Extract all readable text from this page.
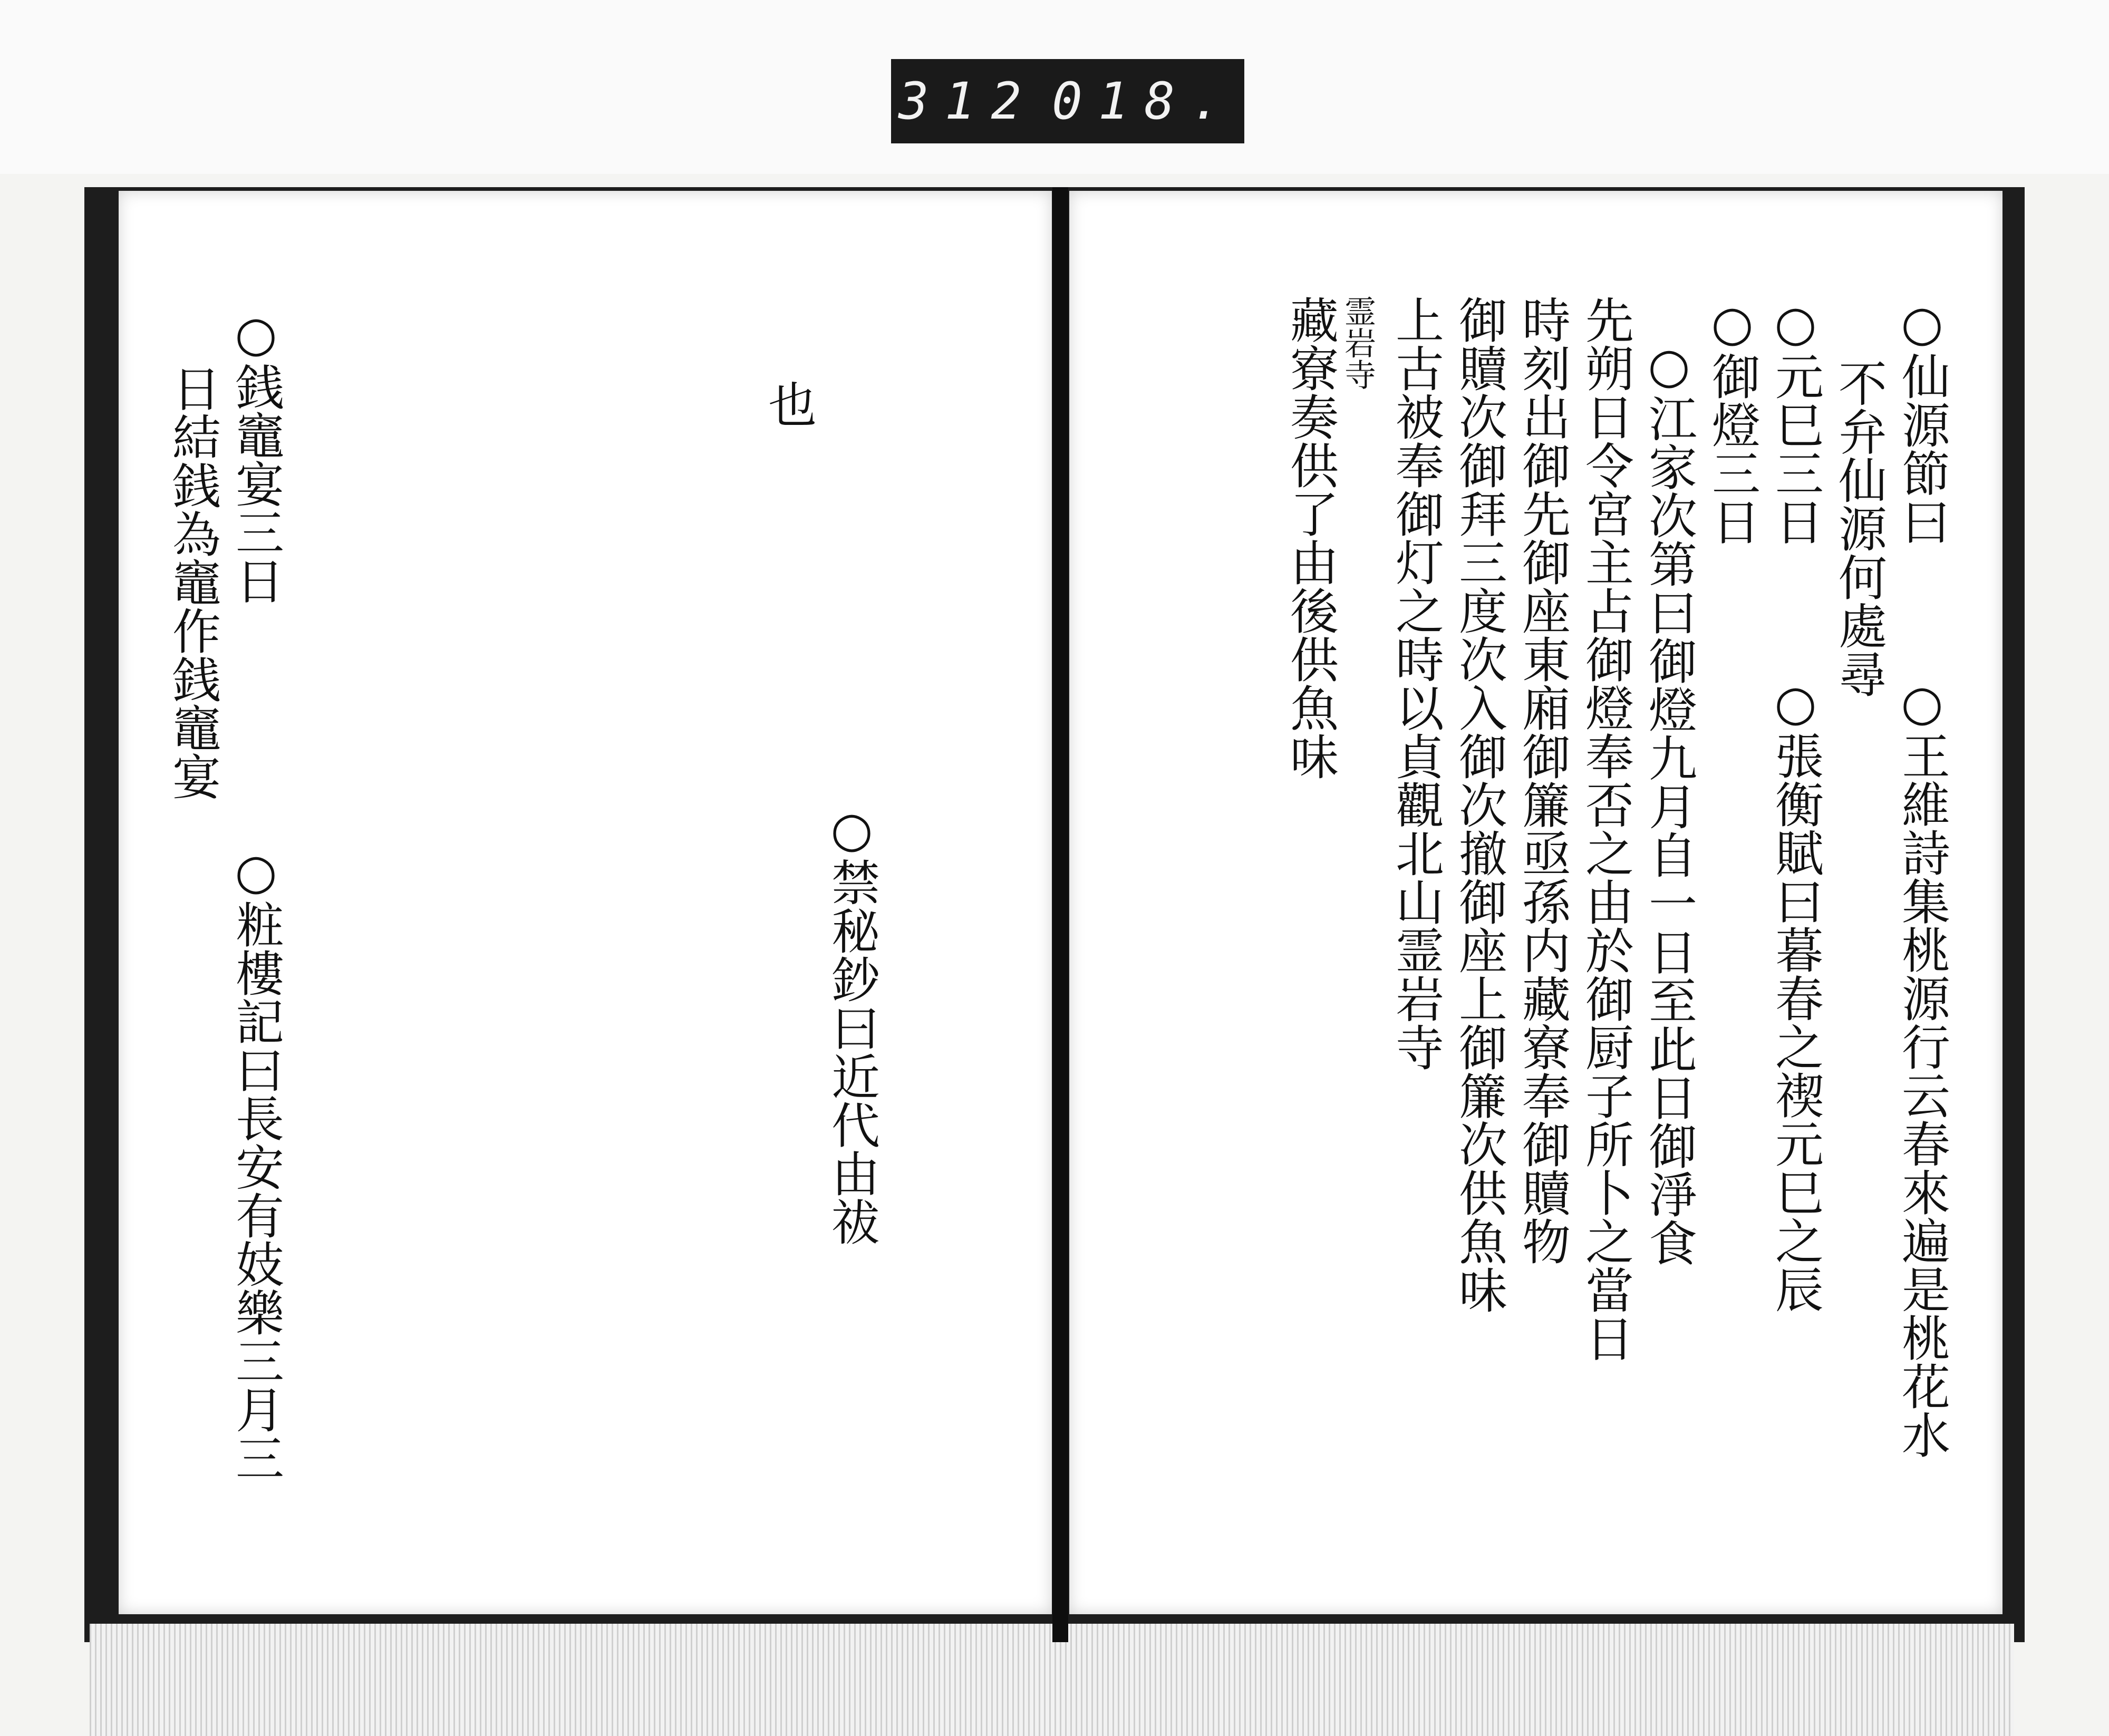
312 018.
○仙源節曰
不弁仙源何處尋
○元巳三日
○御燈三日
○江家次第曰御燈九月自一日至此日御淨食
先朔日令宮主占御燈奉否之由於御厨子所卜之當日
時刻出御先御座東廂御簾亟孫内藏寮奉御贖物
御贖次御拜三度次入御次撤御座上御簾次供魚味
上古被奉御灯之時以貞觀北山霊岩寺
霊岩寺
藏寮奏供了由後供魚味
○王維詩集桃源行云春來遍是桃花水
○張衡賦曰暮春之禊元巳之辰
○銭竈宴三日
日結銭為竈作銭竈宴
○粧樓記曰長安有妓樂三月三	○禁秘鈔曰近代由祓
也
